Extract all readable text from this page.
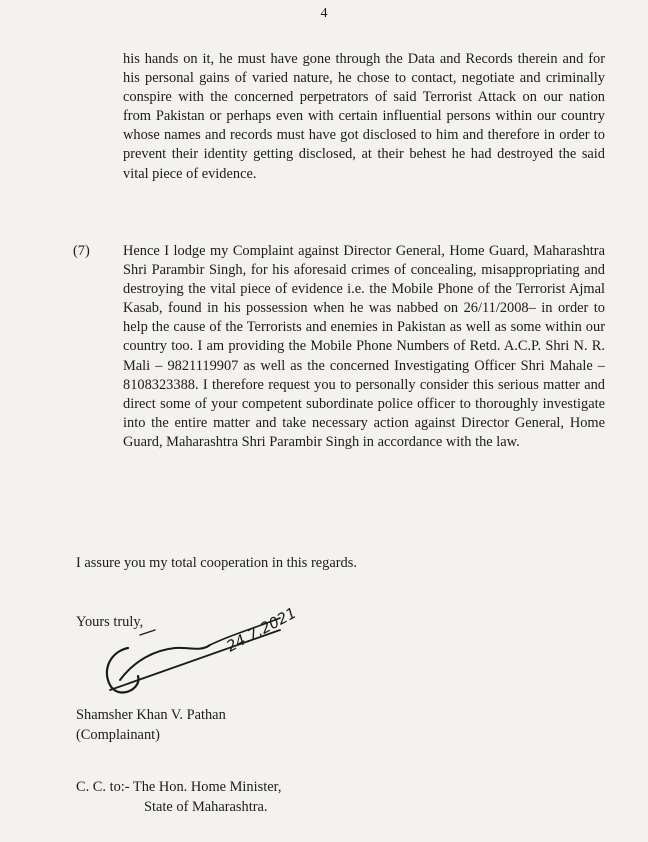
4

his hands on it, he must have gone through the Data and Records therein and for his personal gains of varied nature, he chose to contact, negotiate and criminally conspire with the concerned perpetrators of said Terrorist Attack on our nation from Pakistan or perhaps even with certain influential persons within our country whose names and records must have got disclosed to him and therefore in order to prevent their identity getting disclosed, at their behest he had destroyed the said vital piece of evidence.

(7) Hence I lodge my Complaint against Director General, Home Guard, Maharashtra Shri Parambir Singh, for his aforesaid crimes of concealing, misappropriating and destroying the vital piece of evidence i.e. the Mobile Phone of the Terrorist Ajmal Kasab, found in his possession when he was nabbed on 26/11/2008– in order to help the cause of the Terrorists and enemies in Pakistan as well as some within our country too. I am providing the Mobile Phone Numbers of Retd. A.C.P. Shri N. R. Mali – 9821119907 as well as the concerned Investigating Officer Shri Mahale – 8108323388. I therefore request you to personally consider this serious matter and direct some of your competent subordinate police officer to thoroughly investigate into the entire matter and take necessary action against Director General, Home Guard, Maharashtra Shri Parambir Singh in accordance with the law.

I assure you my total cooperation in this regards.
Yours truly,	24.7.2021
Shamsher Khan V. Pathan
(Complainant)
C. C. to:- The Hon. Home Minister,
State of Maharashtra.
